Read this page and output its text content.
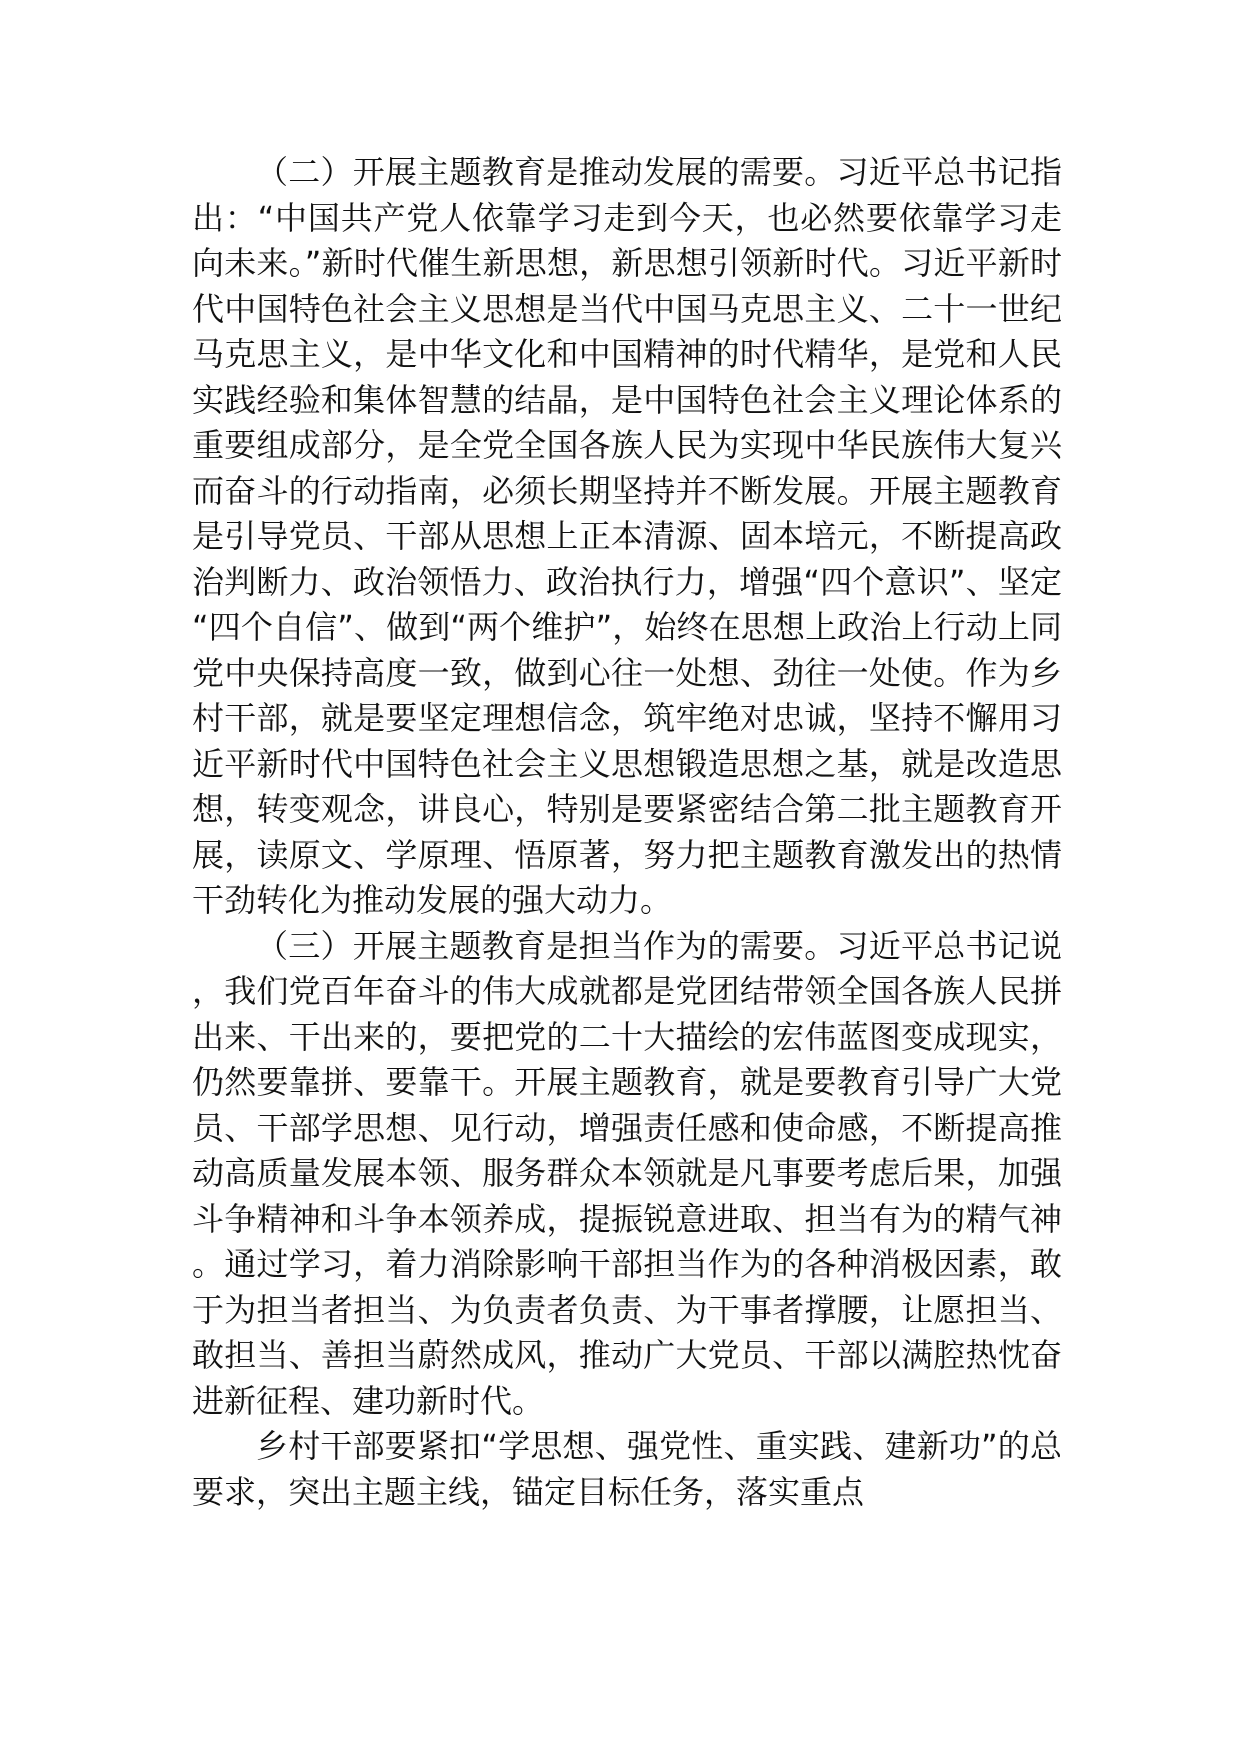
（二）开展主题教育是推动发展的需要。习近平总书记指出：“中国共产党人依靠学习走到今天，也必然要依靠学习走向未来。”新时代催生新思想，新思想引领新时代。习近平新时代中国特色社会主义思想是当代中国马克思主义、二十一世纪马克思主义，是中华文化和中国精神的时代精华，是党和人民实践经验和集体智慧的结晶，是中国特色社会主义理论体系的重要组成部分，是全党全国各族人民为实现中华民族伟大复兴而奋斗的行动指南，必须长期坚持并不断发展。开展主题教育是引导党员、干部从思想上正本清源、固本培元，不断提高政治判断力、政治领悟力、政治执行力，增强“四个意识”、坚定“四个自信”、做到“两个维护”，始终在思想上政治上行动上同党中央保持高度一致，做到心往一处想、劲往一处使。作为乡村干部，就是要坚定理想信念，筑牢绝对忠诚，坚持不懈用习近平新时代中国特色社会主义思想锻造思想之基，就是改造思想，转变观念，讲良心，特别是要紧密结合第二批主题教育开展，读原文、学原理、悟原著，努力把主题教育激发出的热情干劲转化为推动发展的强大动力。

（三）开展主题教育是担当作为的需要。习近平总书记说，我们党百年奋斗的伟大成就都是党团结带领全国各族人民拼出来、干出来的，要把党的二十大描绘的宏伟蓝图变成现实，仍然要靠拼、要靠干。开展主题教育，就是要教育引导广大党员、干部学思想、见行动，增强责任感和使命感，不断提高推动高质量发展本领、服务群众本领就是凡事要考虑后果，加强斗争精神和斗争本领养成，提振锐意进取、担当有为的精气神。通过学习，着力消除影响干部担当作为的各种消极因素，敢于为担当者担当、为负责者负责、为干事者撑腰，让愿担当、敢担当、善担当蔚然成风，推动广大党员、干部以满腔热忱奋进新征程、建功新时代。

乡村干部要紧扣“学思想、强党性、重实践、建新功”的总要求，突出主题主线，锚定目标任务，落实重点
